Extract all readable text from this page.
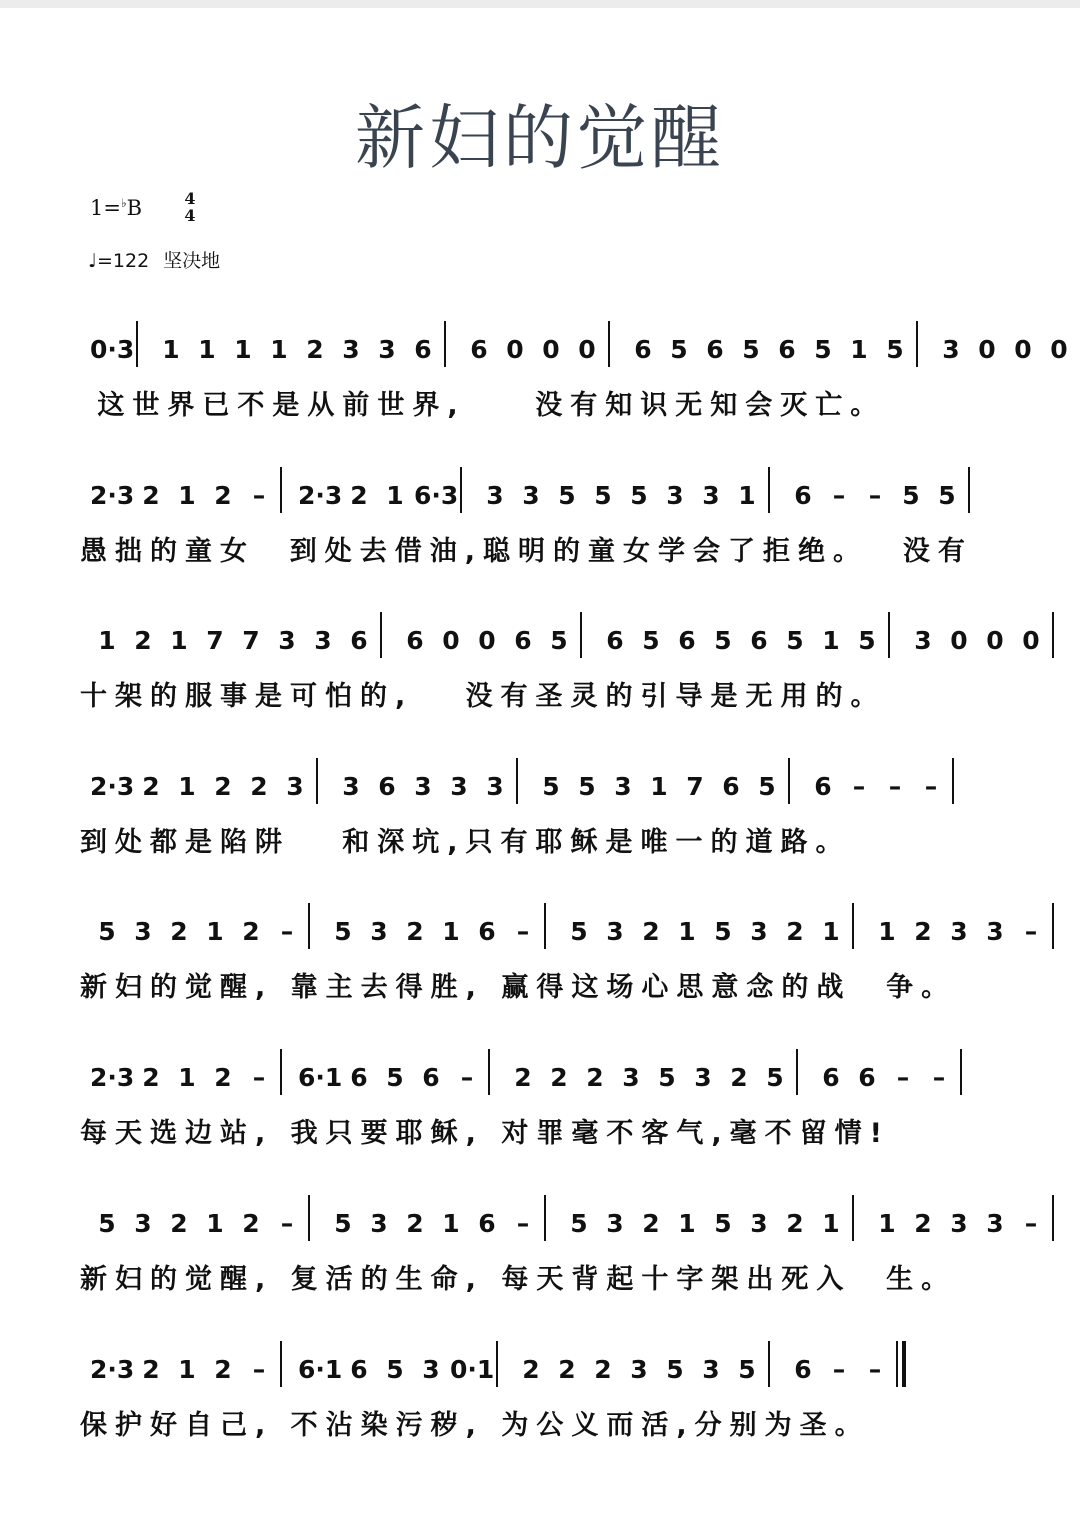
新妇的觉醒
1=♭B	4
4
♩=122 坚决地
0·3	1 1 1 1 2 3 3 6	6 0 0 0	6 5 6 5 6 5 1 5	3 0 0 0
这世界已不是从前世界,    没有知识无知会灭亡。
2·3 2 1 2 –	2·3 2 1 6·3	3 3 5 5 5 3 3 1	6 – – 5 5
愚拙的童女  到处去借油,聪明的童女学会了拒绝。  没有
1 2 1 7 7 3 3 6	6 0 0 6 5	6 5 6 5 6 5 1 5	3 0 0 0
十架的服事是可怕的,   没有圣灵的引导是无用的。
2·3 2 1 2 2 3	3 6 3 3 3	5 5 3 1 7 6 5	6 – – –
到处都是陷阱   和深坑,只有耶稣是唯一的道路。
5 3 2 1 2 –	5 3 2 1 6 –	5 3 2 1 5 3 2 1	1 2 3 3 –
新妇的觉醒, 靠主去得胜, 赢得这场心思意念的战  争。
2·3 2 1 2 –	6·1 6 5 6 –	2 2 2 3 5 3 2 5	6 6 – –
每天选边站, 我只要耶稣, 对罪毫不客气,毫不留情!
5 3 2 1 2 –	5 3 2 1 6 –	5 3 2 1 5 3 2 1	1 2 3 3 –
新妇的觉醒, 复活的生命, 每天背起十字架出死入  生。
2·3 2 1 2 –	6·1 6 5 3 0·1	2 2 2 3 5 3 5	6 – –
保护好自己, 不沾染污秽, 为公义而活,分别为圣。
